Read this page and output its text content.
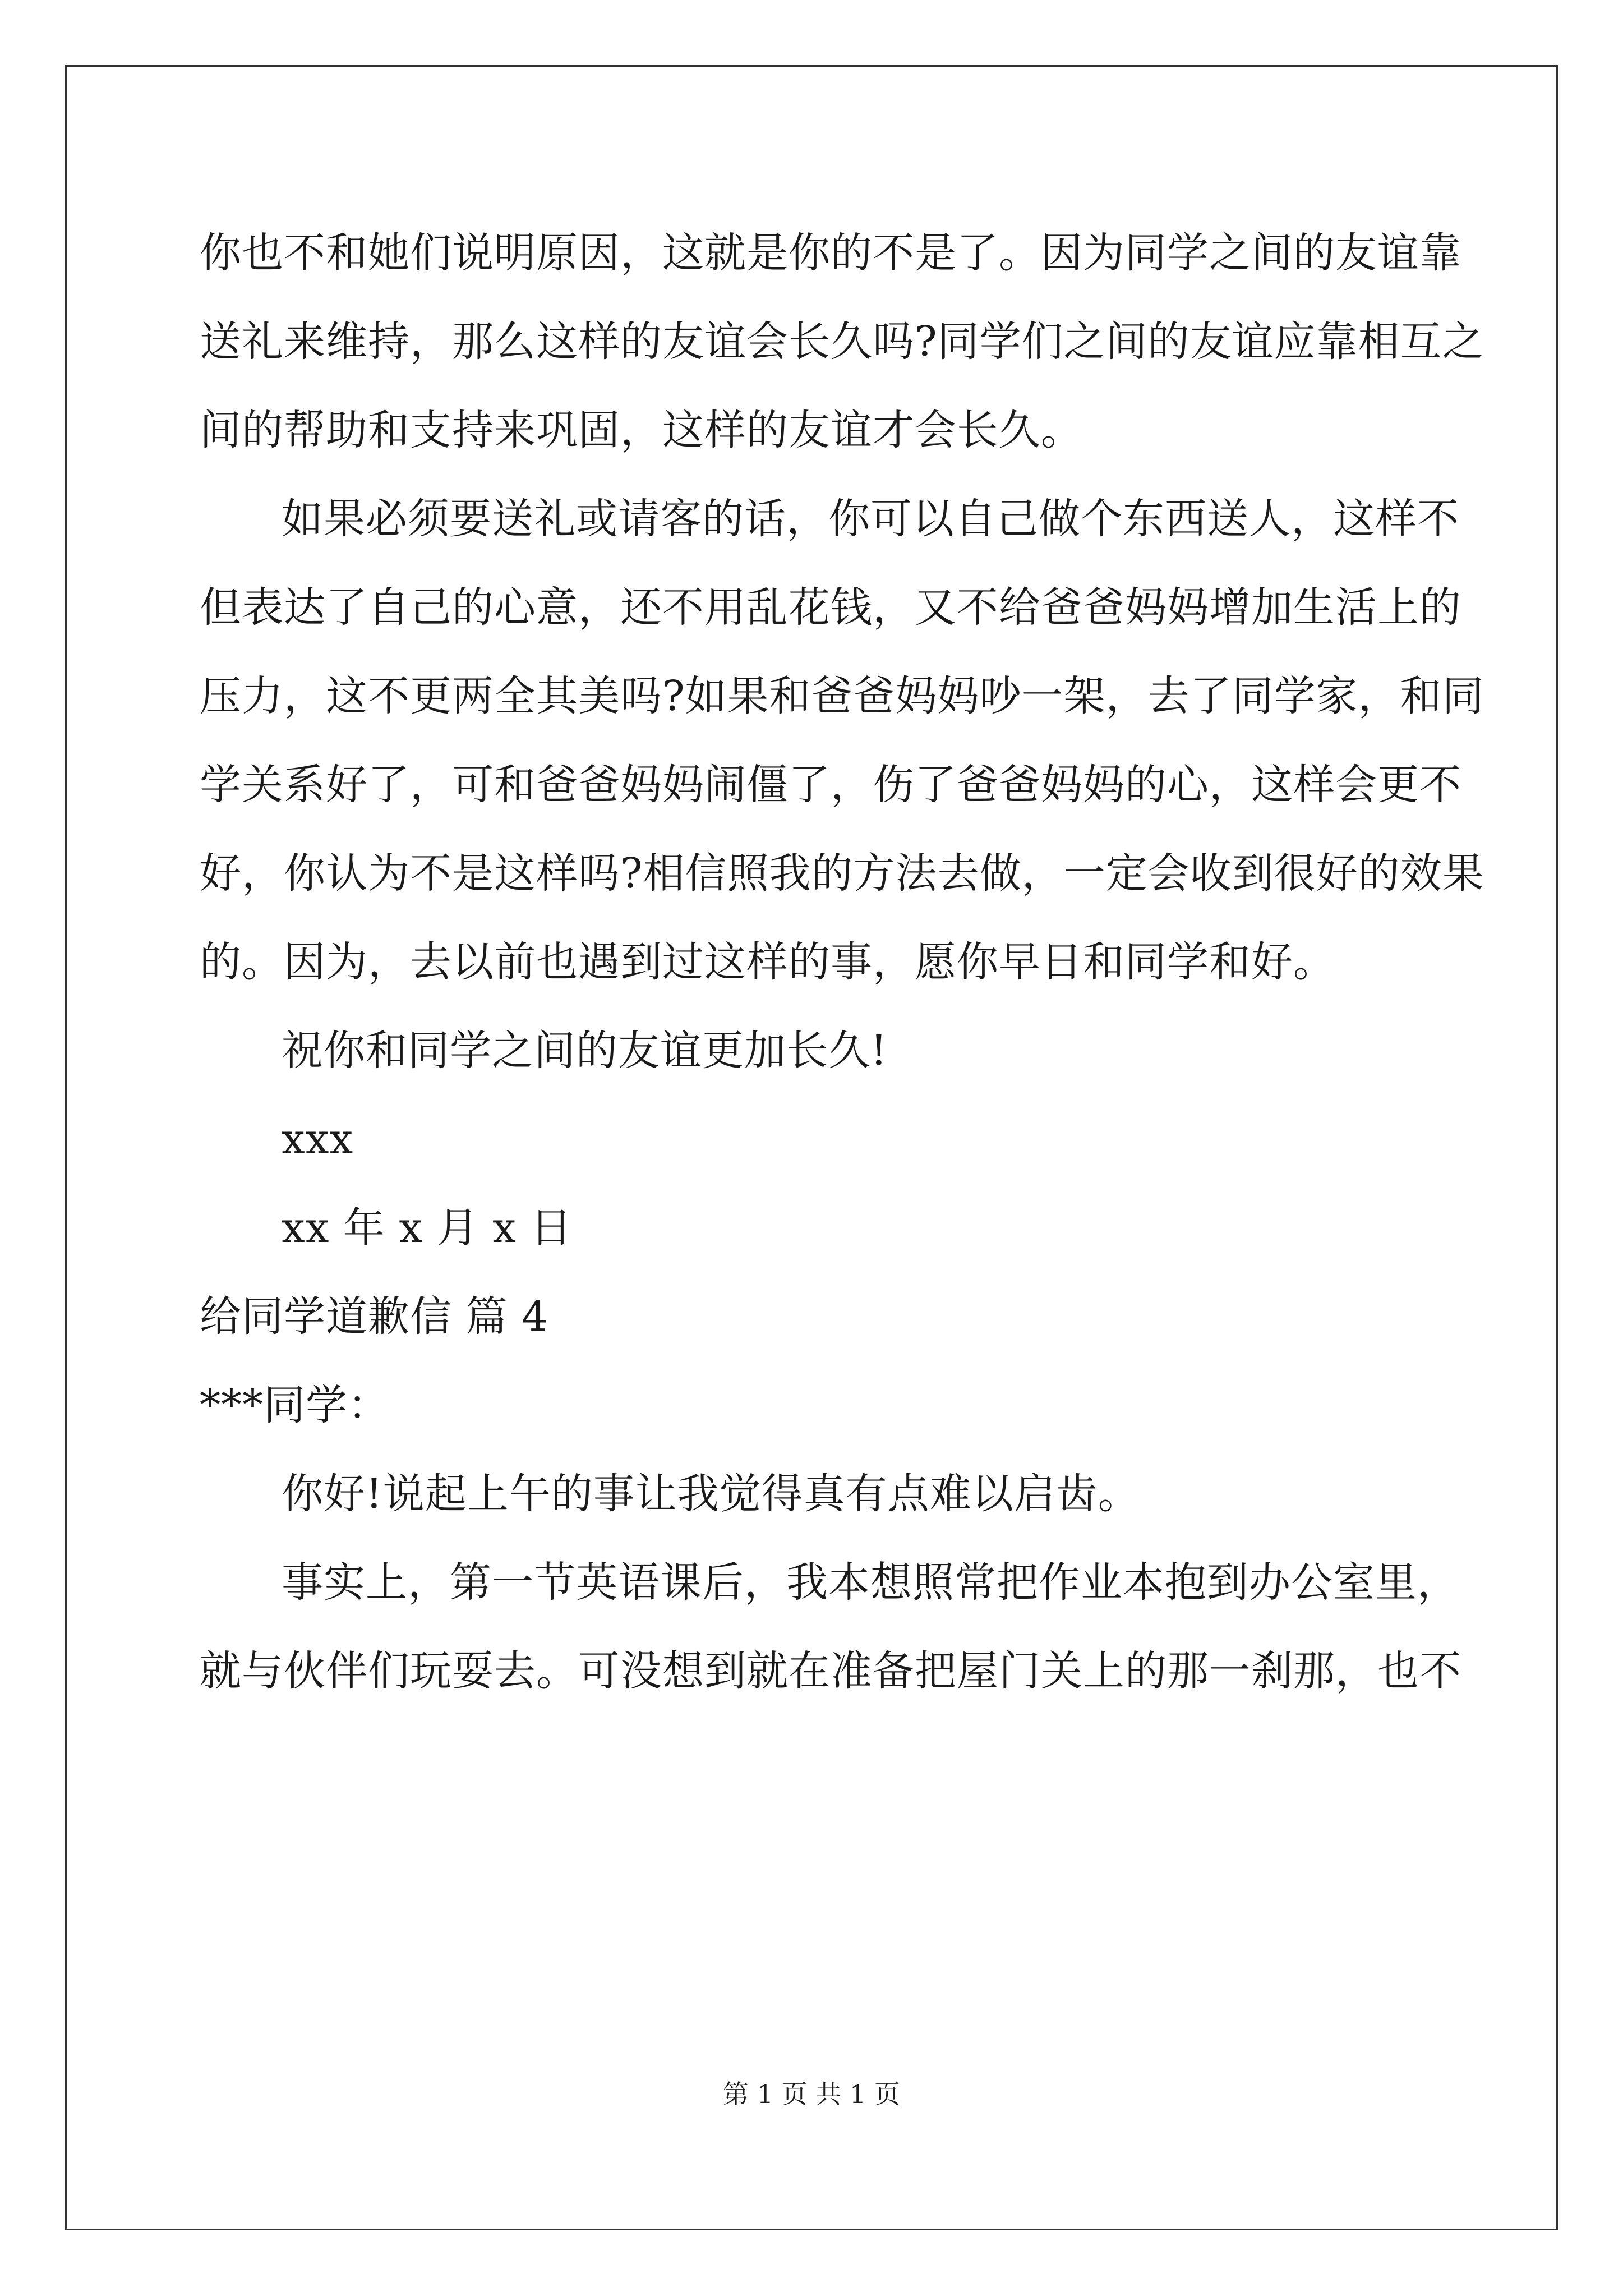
你也不和她们说明原因，这就是你的不是了。因为同学之间的友谊靠
送礼来维持，那么这样的友谊会长久吗?同学们之间的友谊应靠相互之
间的帮助和支持来巩固，这样的友谊才会长久。
如果必须要送礼或请客的话，你可以自己做个东西送人，这样不
但表达了自己的心意，还不用乱花钱，又不给爸爸妈妈增加生活上的
压力，这不更两全其美吗?如果和爸爸妈妈吵一架，去了同学家，和同
学关系好了，可和爸爸妈妈闹僵了，伤了爸爸妈妈的心，这样会更不
好，你认为不是这样吗?相信照我的方法去做，一定会收到很好的效果
的。因为，去以前也遇到过这样的事，愿你早日和同学和好。
祝你和同学之间的友谊更加长久!
xxx
xx 年 x 月 x 日
给同学道歉信 篇 4
***同学：
你好!说起上午的事让我觉得真有点难以启齿。
事实上，第一节英语课后，我本想照常把作业本抱到办公室里，
就与伙伴们玩耍去。可没想到就在准备把屋门关上的那一刹那，也不
第 1 页 共 1 页
